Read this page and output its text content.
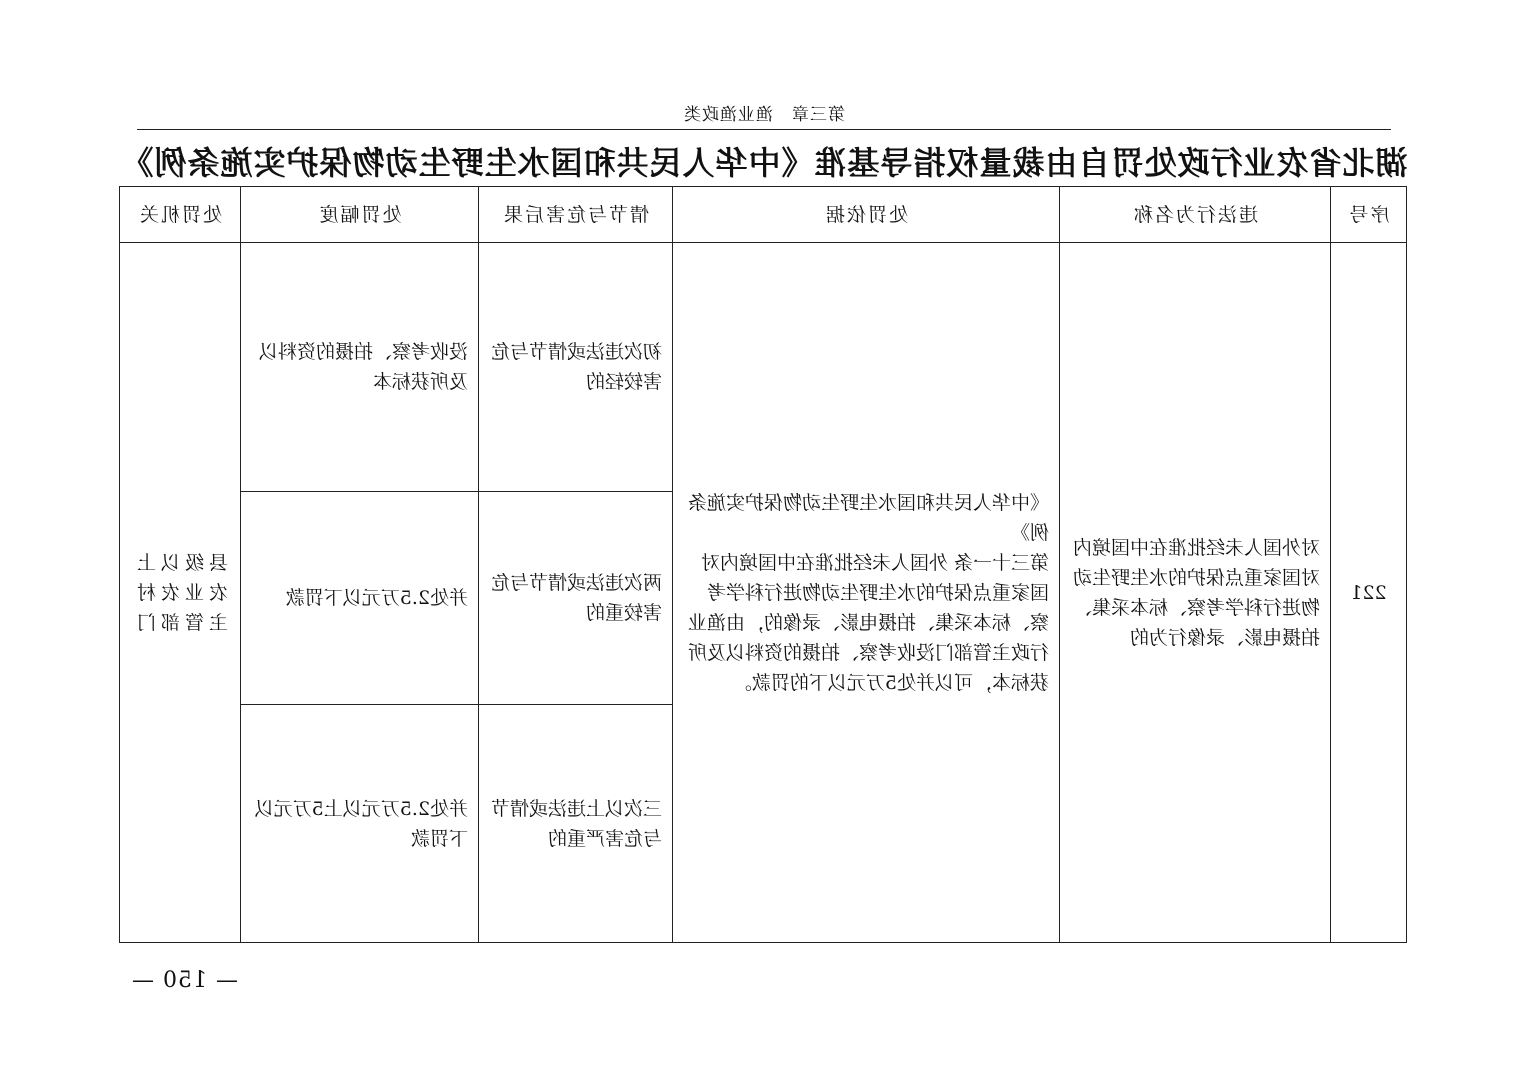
第三章　渔业渔政类
湖北省农业行政处罚自由裁量权指导基准《中华人民共和国水生野生动物保护实施条例》
序号	违法行为名称	处罚依据	情节与危害后果	处罚幅度	处罚机关
221	对外国人未经批准在中国境内对国家重点保护的水生野生动物进行科学考察、标本采集、拍摄电影、录像行为的	《中华人民共和国水生野生动物保护实施条例》
第三十一条 外国人未经批准在中国境内对国家重点保护的水生野生动物进行科学考察、标本采集、拍摄电影、录像的，由渔业行政主管部门没收考察、拍摄的资料以及所获标本，可以并处5万元以下的罚款。	初次违法或情节与危害较轻的	没收考察、拍摄的资料以及所获标本	县级以上农业农村主管部门
			两次违法或情节与危害较重的	并处2.5万元以下罚款	
			三次以上违法或情节与危害严重的	并处2.5万元以上5万元以下罚款	
— 150 —
